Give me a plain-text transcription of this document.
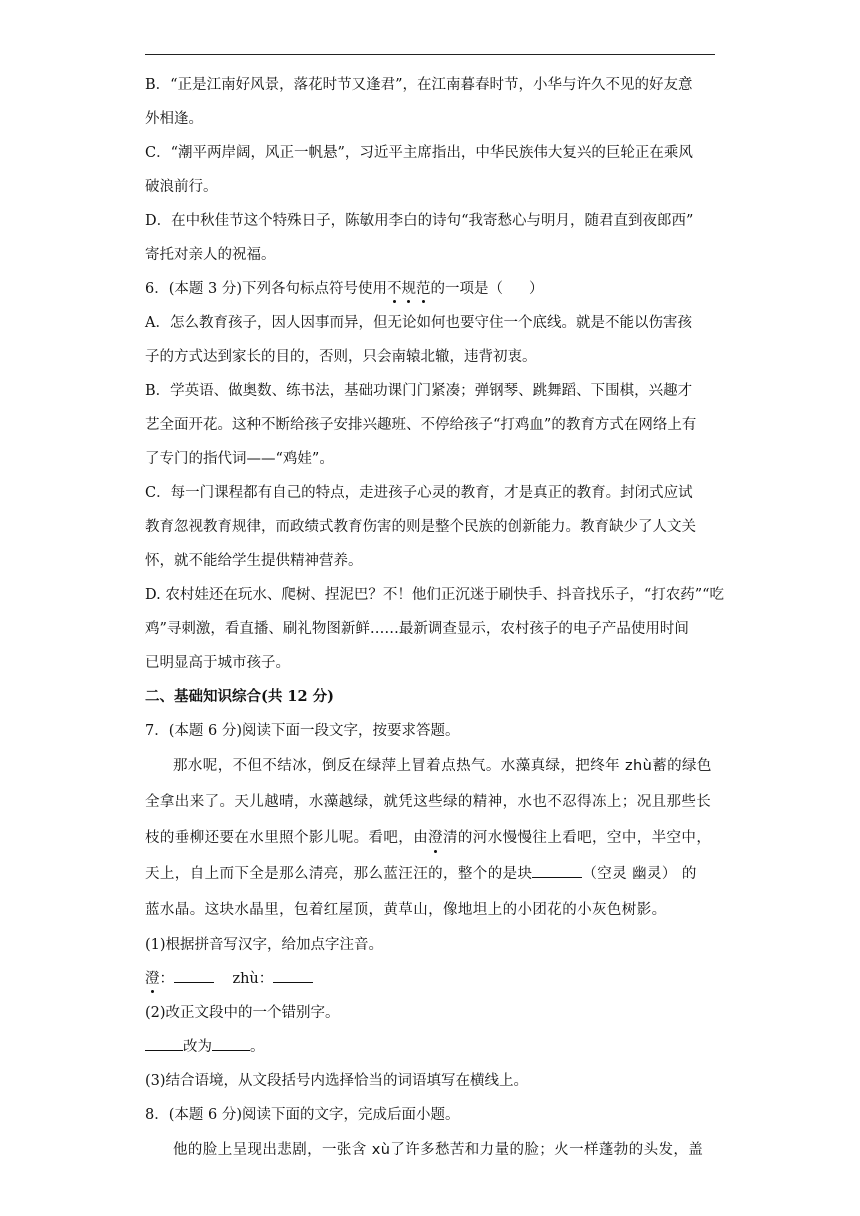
B．“正是江南好风景，落花时节又逢君”，在江南暮春时节，小华与许久不见的好友意

外相逢。

C．“潮平两岸阔，风正一帆悬”，习近平主席指出，中华民族伟大复兴的巨轮正在乘风

破浪前行。

D．在中秋佳节这个特殊日子，陈敏用李白的诗句“我寄愁心与明月，随君直到夜郎西”

寄托对亲人的祝福。

6．(本题 3 分)下列各句标点符号使用不规范的一项是（ ）

A．怎么教育孩子，因人因事而异，但无论如何也要守住一个底线。就是不能以伤害孩

子的方式达到家长的目的，否则，只会南辕北辙，违背初衷。

B．学英语、做奥数、练书法，基础功课门门紧凑；弹钢琴、跳舞蹈、下围棋，兴趣才

艺全面开花。这种不断给孩子安排兴趣班、不停给孩子“打鸡血”的教育方式在网络上有

了专门的指代词——“鸡娃”。

C．每一门课程都有自己的特点，走进孩子心灵的教育，才是真正的教育。封闭式应试

教育忽视教育规律，而政绩式教育伤害的则是整个民族的创新能力。教育缺少了人文关

怀，就不能给学生提供精神营养。

D. 农村娃还在玩水、爬树、捏泥巴？不！他们正沉迷于刷快手、抖音找乐子，“打农药”“吃

鸡”寻刺激，看直播、刷礼物图新鲜……最新调查显示，农村孩子的电子产品使用时间

已明显高于城市孩子。

二、基础知识综合(共 12 分)

7．(本题 6 分)阅读下面一段文字，按要求答题。

那水呢，不但不结冰，倒反在绿萍上冒着点热气。水藻真绿，把终年 zhù蓄的绿色

全拿出来了。天儿越晴，水藻越绿，就凭这些绿的精神，水也不忍得冻上；况且那些长

枝的垂柳还要在水里照个影儿呢。看吧，由澄清的河水慢慢往上看吧，空中，半空中，

天上，自上而下全是那么清亮，那么蓝汪汪的，整个的是块	（空灵 幽灵） 的

蓝水晶。这块水晶里，包着红屋顶，黄草山，像地坦上的小团花的小灰色树影。

(1)根据拼音写汉字，给加点字注音。

澄：	zhù：

(2)改正文段中的一个错别字。

改为	。

(3)结合语境，从文段括号内选择恰当的词语填写在横线上。

8．(本题 6 分)阅读下面的文字，完成后面小题。

他的脸上呈现出悲剧，一张含 xù了许多愁苦和力量的脸；火一样蓬勃的头发，盖
